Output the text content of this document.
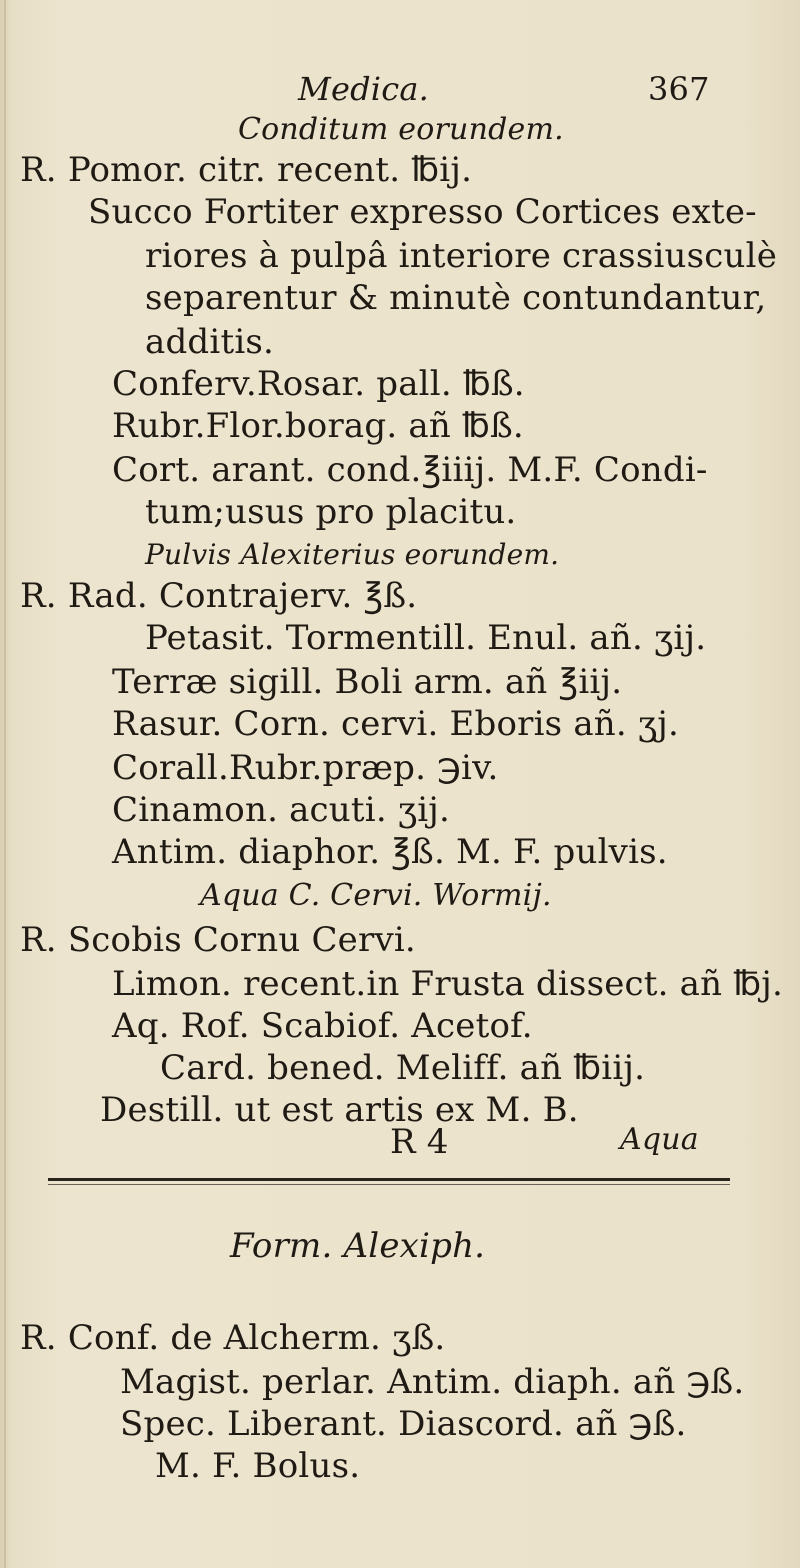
Medica.	367
Conditum eorundem.
R. Pomor. citr. recent. ℔ij.
Succo Fortiter expresso Cortices exte-
riores à pulpâ interiore crassiusculè
separentur & minutè contundantur,
additis.
Conferv.Rosar. pall. ℔ß.
Rubr.Flor.borag. añ ℔ß.
Cort. arant. cond.℥iiij. M.F. Condi-
tum;usus pro placitu.
Pulvis Alexiterius eorundem.
R. Rad. Contrajerv. ℥ß.
Petasit. Tormentill. Enul. añ. ʒij.
Terræ sigill. Boli arm. añ ℥iij.
Rasur. Corn. cervi. Eboris añ. ʒj.
Corall.Rubr.præp. ℈iv.
Cinamon. acuti. ʒij.
Antim. diaphor. ℥ß. M. F. pulvis.
Aqua C. Cervi. Wormij.
R. Scobis Cornu Cervi.
Limon. recent.in Frusta dissect. añ ℔j.
Aq. Rof. Scabiof. Acetof.
Card. bened. Meliff. añ ℔iij.
Destill. ut est artis ex M. B.
R 4	Aqua
Form. Alexiph.
R. Conf. de Alcherm. ʒß.
Magist. perlar. Antim. diaph. añ ℈ß.
Spec. Liberant. Diascord. añ ℈ß.
M. F. Bolus.
